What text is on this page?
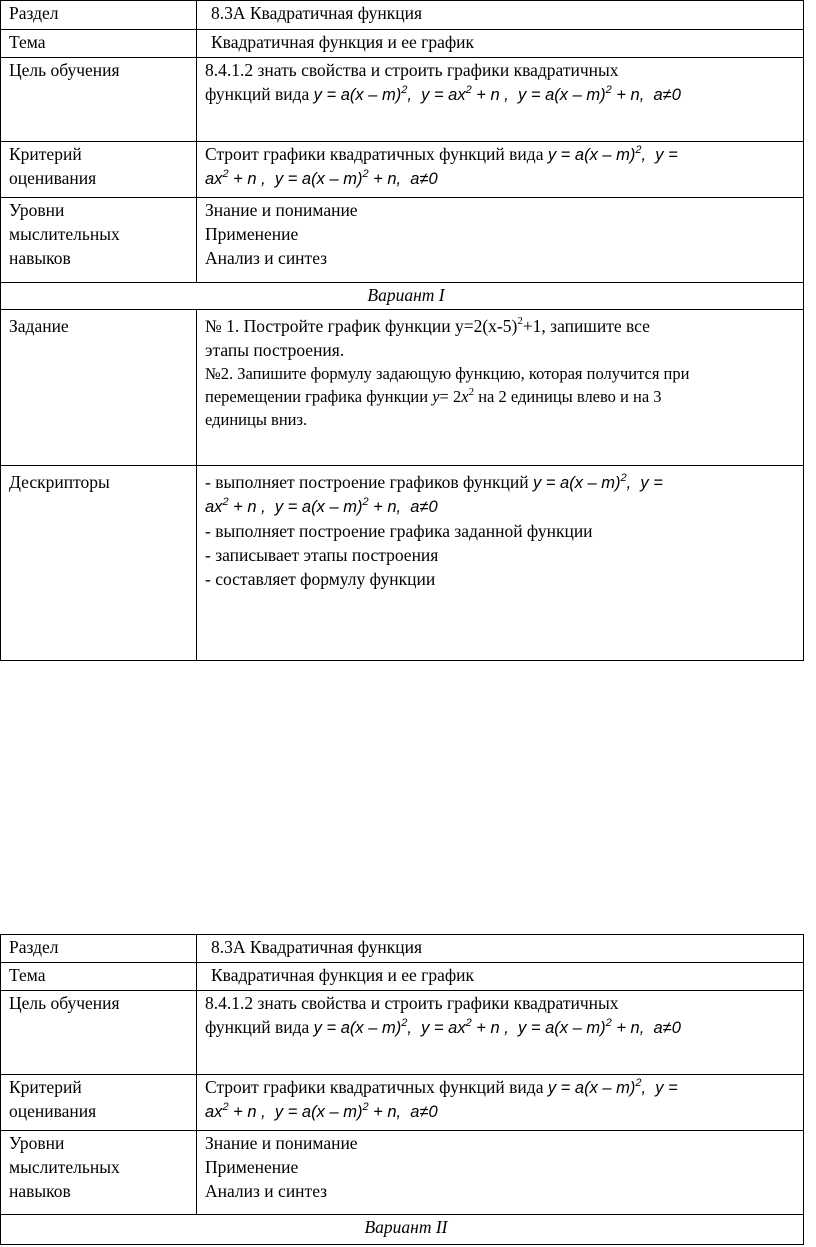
Раздел	8.3А Квадратичная функция
Тема	Квадратичная функция и ее график
Цель обучения	8.4.1.2 знать свойства и строить графики квадратичных
функций вида y = a(x – m)$^2$,  $y = ax^2 + n$ ,  y = a(x – m)$^2$ + n,  a≠0

Критерий
оценивания	Строит графики квадратичных функций вида y = a(x – m)$^2$,  y =
$ax^2 + n$ ,  y = a(x – m)$^2$ + n,  a≠0

Уровни
мыслительных
навыков	Знание и понимание
Применение
Анализ и синтез

Вариант I	
Задание	№ 1. Постройте график функции $y=2(x-5)^2+1$, запишите все
этапы построения.
№2. Запишите формулу задающую функцию, которая получится при
перемещении графика функции $y= 2x^2$ на 2 единицы влево и на 3
единицы вниз.

Дескрипторы	- выполняет построение графиков функций y = a(x – m)$^2$,  y =
$ax^2 + n$ ,  y = a(x – m)$^2$ + n,  a≠0
- выполняет построение графика заданной функции
- записывает этапы построения
- составляет формулу функции
Раздел	8.3А Квадратичная функция
Тема	Квадратичная функция и ее график
Цель обучения	8.4.1.2 знать свойства и строить графики квадратичных
функций вида y = a(x – m)$^2$,  $y = ax^2 + n$ ,  y = a(x – m)$^2$ + n,  a≠0

Критерий
оценивания	Строит графики квадратичных функций вида y = a(x – m)$^2$,  y =
$ax^2 + n$ ,  y = a(x – m)$^2$ + n,  a≠0

Уровни
мыслительных
навыков	Знание и понимание
Применение
Анализ и синтез

Вариант II	
